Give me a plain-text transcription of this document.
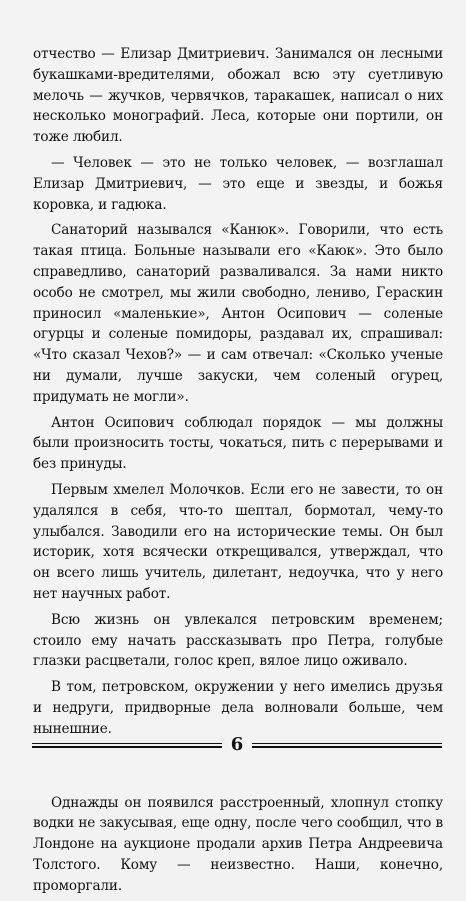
отчество — Елизар Дмитриевич. Занимался он лесными букашками-вредителями, обожал всю эту суетливую мелочь — жучков, червячков, таракашек, написал о них несколько монографий. Леса, которые они портили, он тоже любил.

— Человек — это не только человек, — возглашал Елизар Дмитриевич, — это еще и звезды, и божья коровка, и гадюка.

Санаторий назывался «Канюк». Говорили, что есть такая птица. Больные называли его «Каюк». Это было справедливо, санаторий разваливался. За нами никто особо не смотрел, мы жили свободно, лениво, Гераскин приносил «маленькие», Антон Осипович — соленые огурцы и соленые помидоры, раздавал их, спрашивал: «Что сказал Чехов?» — и сам отвечал: «Сколько ученые ни думали, лучше закуски, чем соленый огурец, придумать не могли».

Антон Осипович соблюдал порядок — мы должны были произносить тосты, чокаться, пить с перерывами и без принуды.

Первым хмелел Молочков. Если его не завести, то он удалялся в себя, что-то шептал, бормотал, чему-то улыбался. Заводили его на исторические темы. Он был историк, хотя всячески открещивался, утверждал, что он всего лишь учитель, дилетант, недоучка, что у него нет научных работ.

Всю жизнь он увлекался петровским временем; стоило ему начать рассказывать про Петра, голубые глазки расцветали, голос креп, вялое лицо оживало.

В том, петровском, окружении у него имелись друзья и недруги, придворные дела волновали больше, чем нынешние.

Однажды он появился расстроенный, хлопнул стопку водки не закусывая, еще одну, после чего сообщил, что в Лондоне на аукционе продали архив Петра Андреевича Толстого. Кому — неизвестно. Наши, конечно, проморгали.

6
